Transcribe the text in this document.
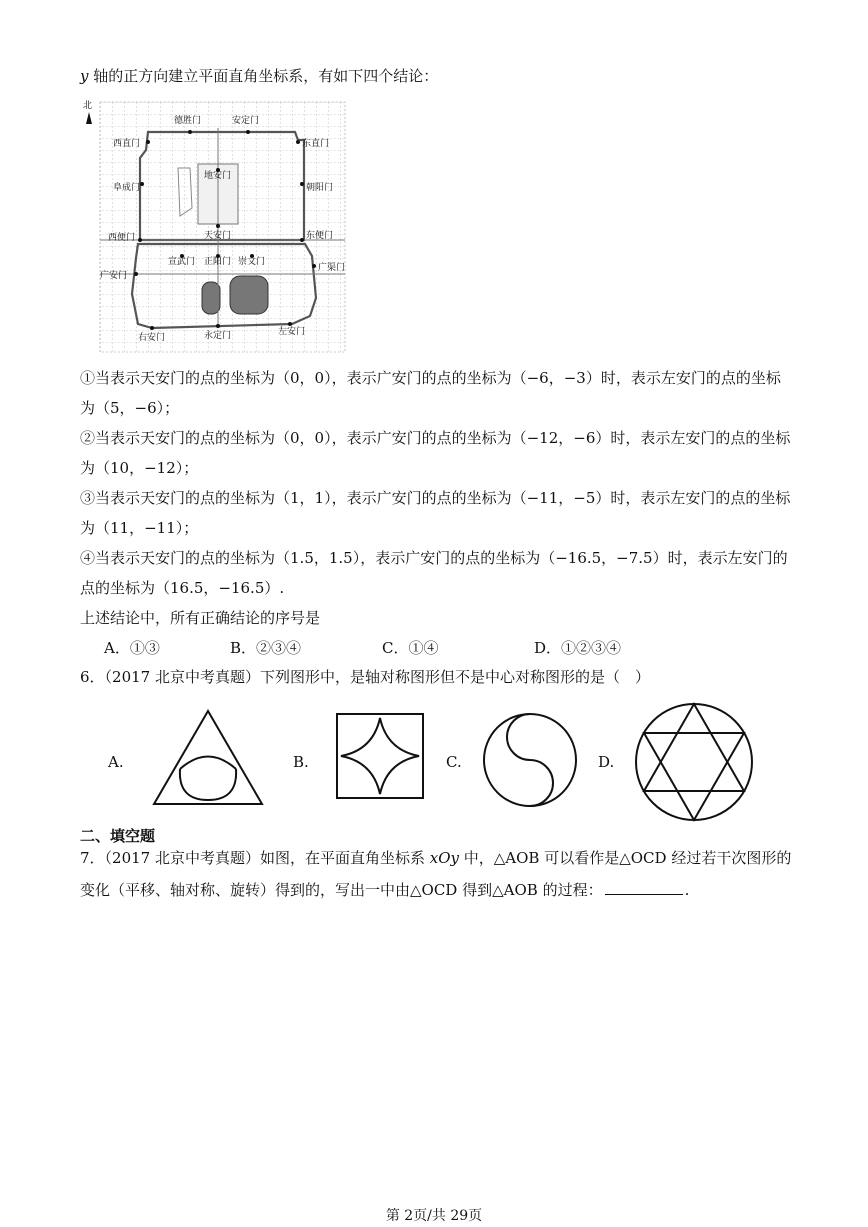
y 轴的正方向建立平面直角坐标系，有如下四个结论：
北
德胜门	安定门
西直门	东直门
地安门
阜成门	朝阳门
天安门
西便门	东便门
宣武门 正阳门 崇文门
广安门
广渠门
永定门	左安门
右安门
①当表示天安门的点的坐标为（0，0），表示广安门的点的坐标为（−6，−3）时，表示左安门的点的坐标
为（5，−6）；
②当表示天安门的点的坐标为（0，0），表示广安门的点的坐标为（−12，−6）时，表示左安门的点的坐标
为（10，−12）；
③当表示天安门的点的坐标为（1，1），表示广安门的点的坐标为（−11，−5）时，表示左安门的点的坐标
为（11，−11）；
④当表示天安门的点的坐标为（1.5，1.5），表示广安门的点的坐标为（−16.5，−7.5）时，表示左安门的
点的坐标为（16.5，−16.5）.
上述结论中，所有正确结论的序号是
A．①③	B．②③④	C．①④	D．①②③④
6．（2017 北京中考真题）下列图形中，是轴对称图形但不是中心对称图形的是（　）
A.	B.	C.	D.
二、填空题
7．（2017 北京中考真题）如图，在平面直角坐标系 xOy 中，△AOB 可以看作是△OCD 经过若干次图形的
变化（平移、轴对称、旋转）得到的，写出一中由△OCD 得到△AOB 的过程：	.
第 2页/共 29页
